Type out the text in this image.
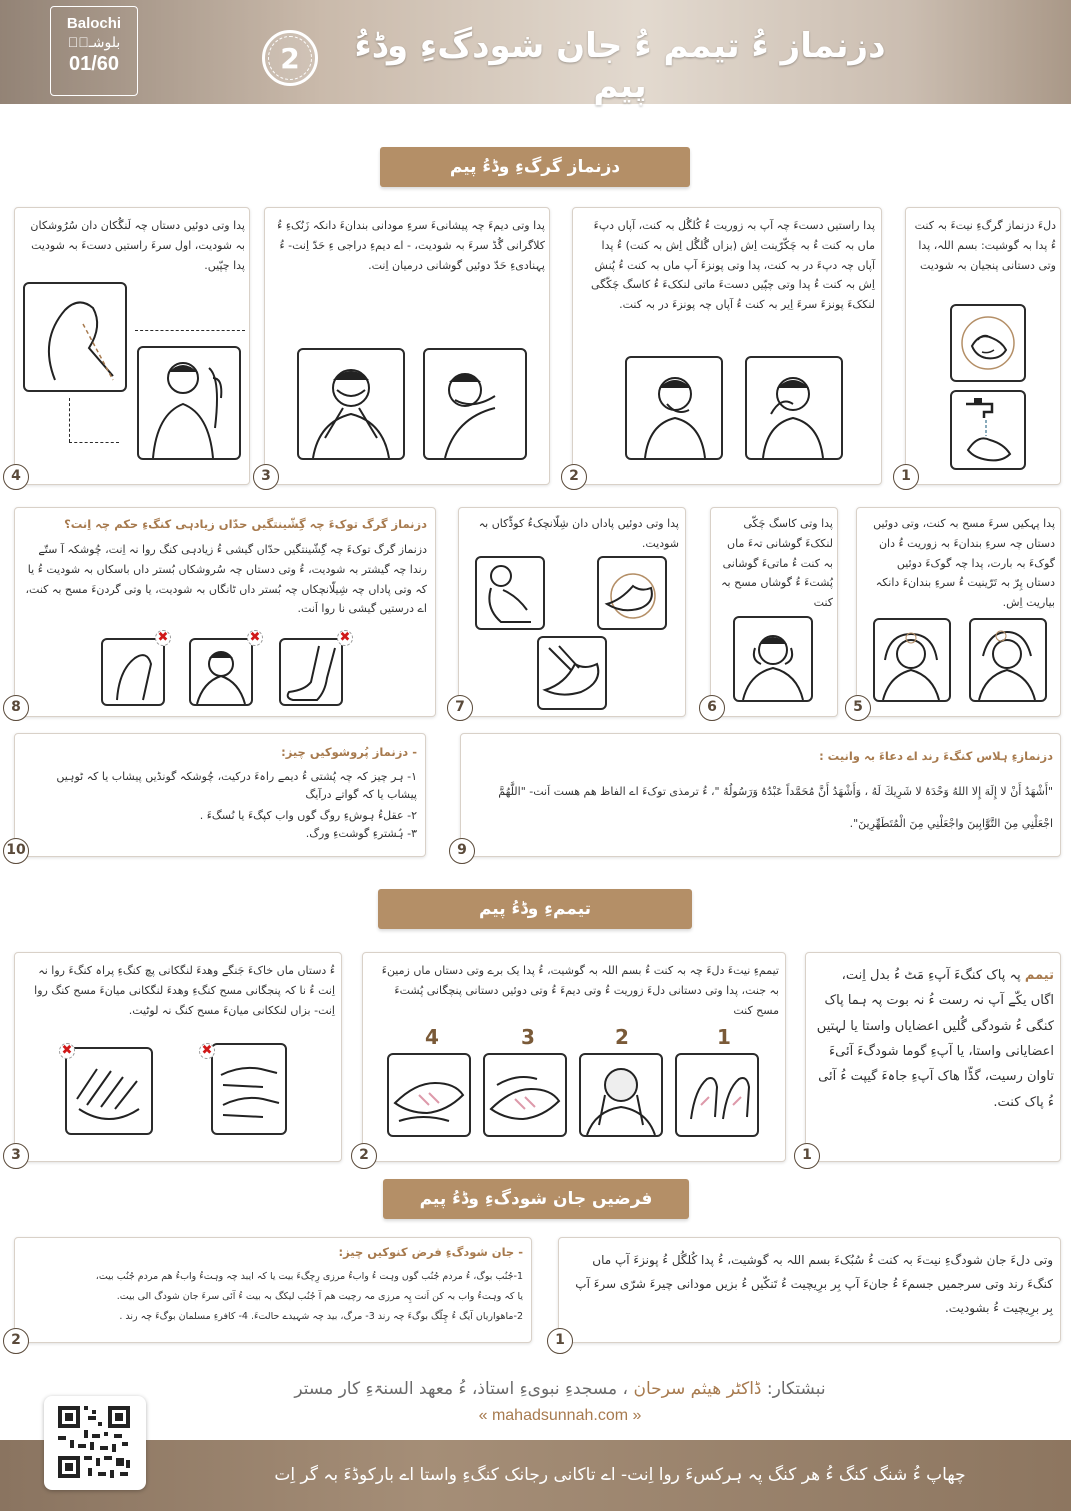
Balochi
بلوشـیؔ
01/60	2	دزنماز ءُ تیمم ءُ جان شودگءِ وڈءُ پیم
دزنماز گرگءِ وڈءُ پیم
دلءَ دزنماز گرگءِ نیتءَ بہ کنت ءُ پدا بہ گوشیت: بسم اللہ، پدا وتی دستانی پنجیان بہ شودیت
1
پدا راستیں دستءَ چہ آپ بہ زوریت ءُ کُلگُل بہ کنت، آپاں دپءَ ماں بہ کنت ءُ بہ چَکّرّینت اِش (بزاں گُلگُل اِش بہ کنت) ءُ پدا آپاں چہ دپءَ در بہ کنت، پدا وتی پونزءَ آپ ماں بہ کنت ءُ پُنش اِش بہ کنت ءُ پدا وتی چپّیں دستءَ ماتی لنککءَ ءُ کاسگ چَکّگی لنککءَ پونزءَ سرءَ اِیر بہ کنت ءُ آپاں چہ پونزءَ در بہ کنت.
2
پدا وتی دیمءَ چہ پیشانیءَ سرءِ مودانی بندانءَ دانکہ زَنُکءِ ءُ کلاگرانی گُڈ سرءَ بہ شودیت، - اے دیمءِ دراجی ءِ حَدّ اِنت- ءُ پہنادیءِ حَدّ دوئیں گوشانی درمیان اِنت.
3
پدا وتی دوئیں دستاں چہ لَنگُکان دان سُرُوشکان بہ شودیت، اول سرءَ راستیں دستءَ بہ شودیت پدا چپّیں.
4
پدا پہکیں سرءَ مسح بہ کنت، وتی دوئیں دستاں چہ سرءِ بندانءَ بہ زوریت ءُ دان گوکءَ بہ بارت، پدا چہ گوکءَ دوئیں دستاں پِرّ بہ تَرّینیت ءُ سرءِ بندانءَ دانکہ بیاریت اِش.
5
پدا وتی کاسگ چَکّی لنککءَ گوشانی تہءَ ماں بہ کنت ءُ ماتیءَ گوشانی پُشتءَ ءُ گوشاں مسح بہ کنت
6
پدا وتی دوئیں پاداں دان شِلّانچکءُ کوڈّکاں بہ شودیت.
7
دزنماز گرگ توکءَ چہ گِشّینتگیں حدّاں زیادہی کنگءِ حکم چہ اِنت؟
دزنماز گرگ توکءَ چہ گِشّینتگیں حدّاں گیشی ءُ زیادہی کنگ روا نہ اِنت، چُوشکہ آ ستّے رندا چہ گیشتر بہ شودیت، ءُ وتی دستاں چہ سُروشکاں بُستر داں باسکاں بہ شودیت ءُ یا کہ وتی پاداں چہ شِیلّانچکاں چہ بُستر داں ٹانگاں بہ شودیت، یا وتی گردنءَ مسح بہ کنت، اے درستیں گیشی نا روا اَنت.
✖	✖	✖
8
دزنمازءِ ہلاس کنگءَ رند اے دعاءَ بہ وانیت :
"أَشْهَدُ أَنْ لا إِلَهَ إِلا اللهُ وَحْدَهُ لا شَرِيكَ لَهُ ، وَأَشْهَدُ أَنَّ مُحَمَّداً عَبْدُهُ وَرَسُولُهُ "، ءُ ترمذی توکءَ اے الفاظ ھم ھست اَنت- "اللَّهُمَّ
اجْعَلْنِي مِنَ التَّوَّابِينَ واجْعَلْنِي مِنَ الْمُتَطَهِّرِينَ".
9
- دزنماز پُروشوکیں چیز:
١- ہر چیز کہ چہ پُشتی ءُ دیمے راہءَ درکیت، چُوشکہ گونڈیں پیشاب یا کہ ٹوہیں پیشاب یا کہ گواتے درآیگ
٢- عقلءُ ہوشءِ روگ گوں واب کپگءَ یا نُسگءَ .
٣- ہُشترءِ گوشتءِ ورگ.
10
تیممءِ وڈءُ پیم
تیمم پہ پاک کنگءَ آپءِ مَٹ ءُ بدل اِنت، اگاں یکّے آپ نہ رست ءُ نہ بوت پہ ہما پاک کنگی ءُ شودگی گُلیں اعضایاں واستا یا لہتیں اعضایانی واستا، یا آپءِ گوما شودگءَ آئیءَ تاوان رسیت، گڈّا ھاک آپءِ جاہءَ گیپت ءُ آئی ءُ پاک کنت.
1
تیممءِ نیتءَ دلءَ چہ بہ کنت ءُ بسم اللہ بہ گوشیت، ءُ پدا یک برے وتی دستاں ماں زمینءَ بہ جنت، پدا وتی دستانی دلءَ زوریت ءُ وتی دیمءَ ءُ وتی دوئیں دستانی پنچگانی پُشتءَ مسح کنت
1
2
3
4
2
ءُ دستاں ماں خاکءَ جَنگے وھدءَ لنگکانی پچ کنگءِ پراہ کنگءَ روا نہ اِنت ءُ نا کہ پنجگانی مسح کنگءِ وھدءَ لنگکانی میانءَ مسح کنگ روا اِنت- بزاں لنککانی میانءَ مسح کنگ نہ لوٹیت.
✖
✖
3
فرضیں جان شودگءِ وڈءُ پیم
وتی دلءَ جان شودگءِ نیتءَ بہ کنت ءُ سُبُکءَ بسم اللہ بہ گوشیت، ءُ پدا کُلگُل ءُ پونزءَ آپ ماں کنگءَ رند وتی سرجمیں جسمءَ ءُ جانءَ آپ بِر برِیچیت ءُ تَنکّیں ءُ بزیں مودانی چیرءَ شرّی سرءَ آپ بِر برِیچیت ءُ بشودیت.
1
- جان شودگءِ فرض کنوکیں چیز:
1-جُنُب بوگ، ءُ مردم جُنُب گوں وہت ءُ وابءُ مرزی رِچگءَ بیت یا کہ ایبد چہ وہتءُ وابءُ ھم مردم جُنُب بیت،
یا کہ وہتءُ واب بہ کن اَنت پِہ مرزی مہ رچیت ھم آ جُنُب لیکگ بہ بیت ءُ آئی سرءَ جان شودگ الی بیت.
2-ماھواریاں آیگ ءُ چِلّگ بوگءَ چہ رند 3- مرگ، بید چہ شہیدے حالتءَ. 4- کافرءِ مسلمان بوگءَ چہ رند .
2
نبشتکار: ڈاکٹر ھیثم سرحان ، مسجدءِ نبویءِ استاذ، ءُ معھد السنۃءِ کار مستر
« mahadsunnah.com »
چھاپ ءُ شنگ کنگ ءُ ھر کنگ پہ ہرکسءَ روا اِنت- اے تاکانی رجانک کنگءِ واستا اے بارکوڈءَ بہ گر اِت
